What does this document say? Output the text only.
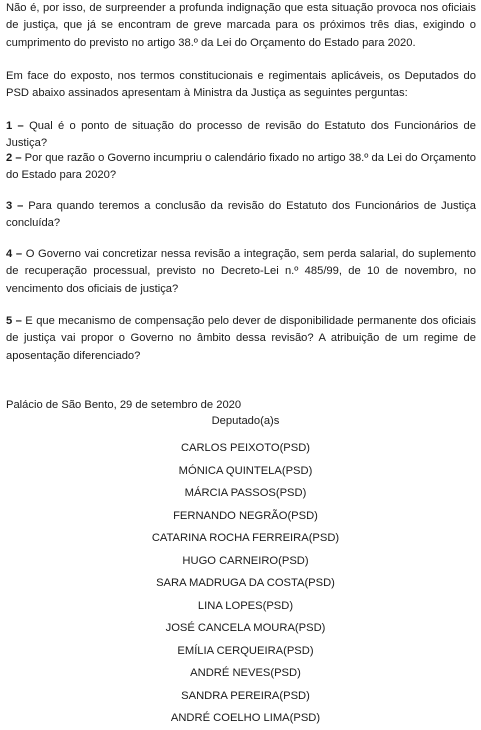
Não é, por isso, de surpreender a profunda indignação que esta situação provoca nos oficiais de justiça, que já se encontram de greve marcada para os próximos três dias, exigindo o cumprimento do previsto no artigo 38.º da Lei do Orçamento do Estado para 2020.

Em face do exposto, nos termos constitucionais e regimentais aplicáveis, os Deputados do PSD abaixo assinados apresentam à Ministra da Justiça as seguintes perguntas:

1 – Qual é o ponto de situação do processo de revisão do Estatuto dos Funcionários de Justiça?

2 – Por que razão o Governo incumpriu o calendário fixado no artigo 38.º da Lei do Orçamento do Estado para 2020?

3 – Para quando teremos a conclusão da revisão do Estatuto dos Funcionários de Justiça concluída?

4 – O Governo vai concretizar nessa revisão a integração, sem perda salarial, do suplemento de recuperação processual, previsto no Decreto-Lei n.º 485/99, de 10 de novembro, no vencimento dos oficiais de justiça?

5 – E que mecanismo de compensação pelo dever de disponibilidade permanente dos oficiais de justiça vai propor o Governo no âmbito dessa revisão? A atribuição de um regime de aposentação diferenciado?

Palácio de São Bento, 29 de setembro de 2020

Deputado(a)s

CARLOS PEIXOTO(PSD)
MÓNICA QUINTELA(PSD)
MÁRCIA PASSOS(PSD)
FERNANDO NEGRÃO(PSD)
CATARINA ROCHA FERREIRA(PSD)
HUGO CARNEIRO(PSD)
SARA MADRUGA DA COSTA(PSD)
LINA LOPES(PSD)
JOSÉ CANCELA MOURA(PSD)
EMÍLIA CERQUEIRA(PSD)
ANDRÉ NEVES(PSD)
SANDRA PEREIRA(PSD)
ANDRÉ COELHO LIMA(PSD)
